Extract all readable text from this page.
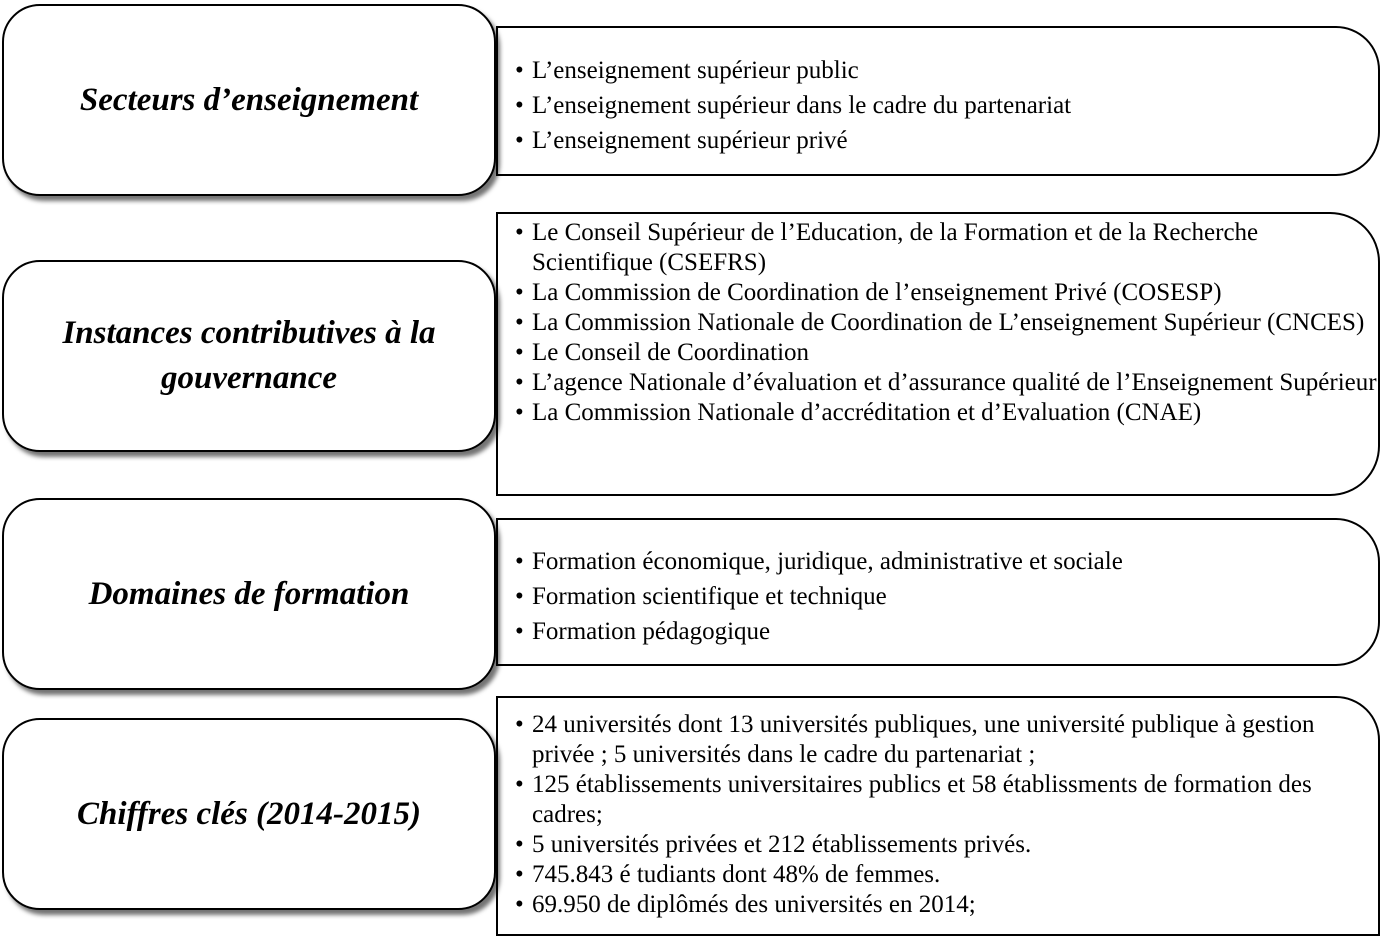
• L’enseignement supérieur public
• L’enseignement supérieur dans le cadre du partenariat
• L’enseignement supérieur privé
Secteurs d’enseignement
• Le Conseil Supérieur de l’Education, de la Formation et de la Recherche Scientifique (CSEFRS)
• La Commission de Coordination de l’enseignement Privé (COSESP)
• La Commission Nationale de Coordination de L’enseignement Supérieur (CNCES)
• Le Conseil de Coordination
• L’agence Nationale d’évaluation et d’assurance qualité de l’Enseignement Supérieur
• La Commission Nationale d’accréditation et d’Evaluation (CNAE)
Instances contributives à la gouvernance
• Formation économique, juridique, administrative et sociale
• Formation scientifique et technique
• Formation pédagogique
Domaines de formation
• 24 universités dont 13 universités publiques, une université publique à gestion privée ; 5 universités dans le cadre du partenariat ;
• 125 établissements universitaires publics et 58 établissments de formation des cadres;
• 5 universités privées et 212 établissements privés.
• 745.843 é tudiants dont 48% de femmes.
• 69.950 de diplômés des universités en 2014;
Chiffres clés (2014-2015)
